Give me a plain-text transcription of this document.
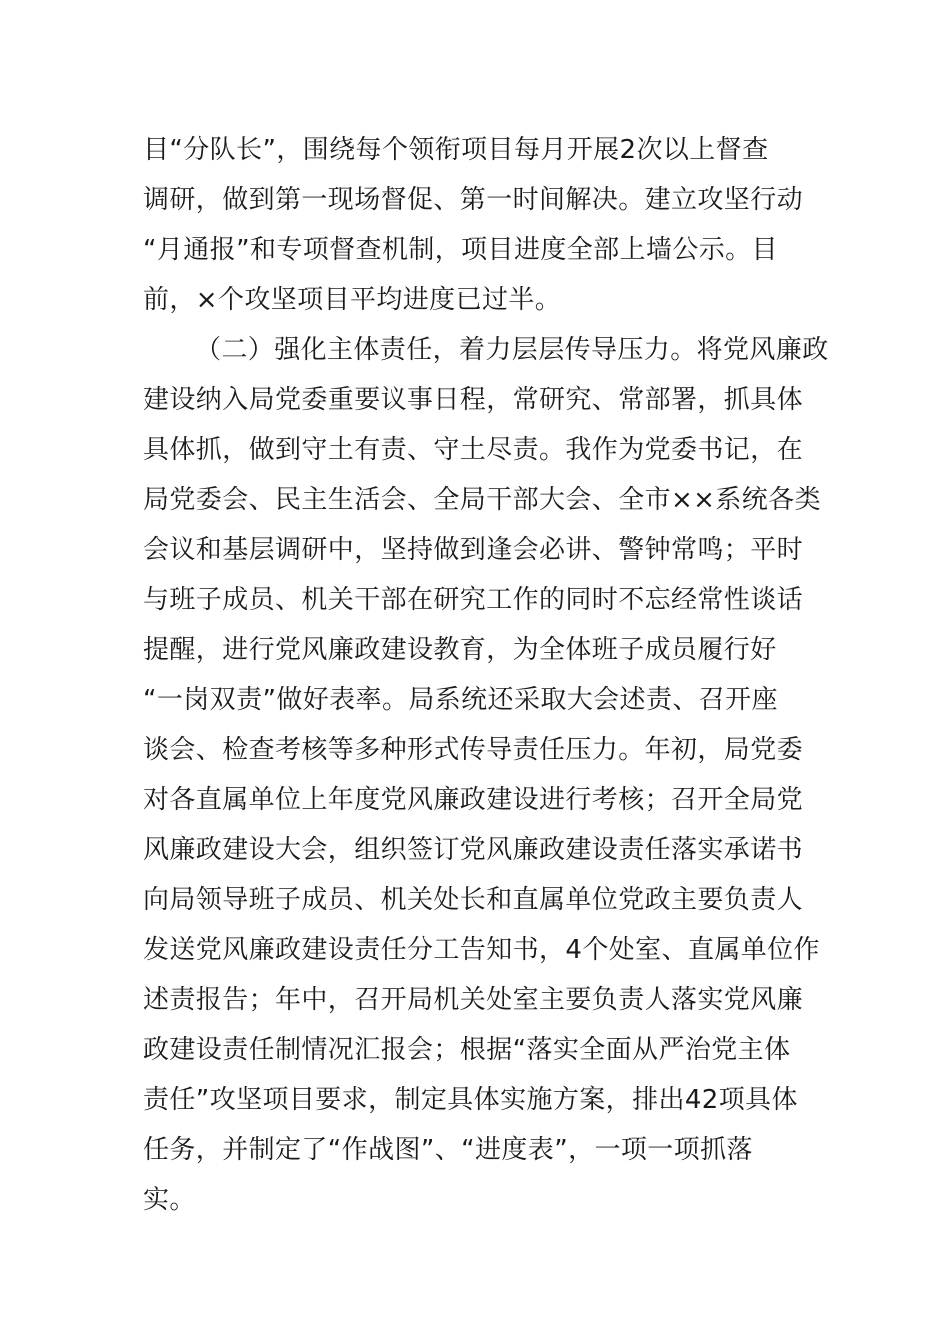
目“分队长”，围绕每个领衔项目每月开展2次以上督查
调研，做到第一现场督促、第一时间解决。建立攻坚行动
“月通报”和专项督查机制，项目进度全部上墙公示。目
前，×个攻坚项目平均进度已过半。
（二）强化主体责任，着力层层传导压力。将党风廉政
建设纳入局党委重要议事日程，常研究、常部署，抓具体
具体抓，做到守土有责、守土尽责。我作为党委书记，在
局党委会、民主生活会、全局干部大会、全市××系统各类
会议和基层调研中，坚持做到逢会必讲、警钟常鸣；平时
与班子成员、机关干部在研究工作的同时不忘经常性谈话
提醒，进行党风廉政建设教育，为全体班子成员履行好
“一岗双责”做好表率。局系统还采取大会述责、召开座
谈会、检查考核等多种形式传导责任压力。年初，局党委
对各直属单位上年度党风廉政建设进行考核；召开全局党
风廉政建设大会，组织签订党风廉政建设责任落实承诺书
向局领导班子成员、机关处长和直属单位党政主要负责人
发送党风廉政建设责任分工告知书，4个处室、直属单位作
述责报告；年中，召开局机关处室主要负责人落实党风廉
政建设责任制情况汇报会；根据“落实全面从严治党主体
责任”攻坚项目要求，制定具体实施方案，排出42项具体
任务，并制定了“作战图”、“进度表”，一项一项抓落
实。
